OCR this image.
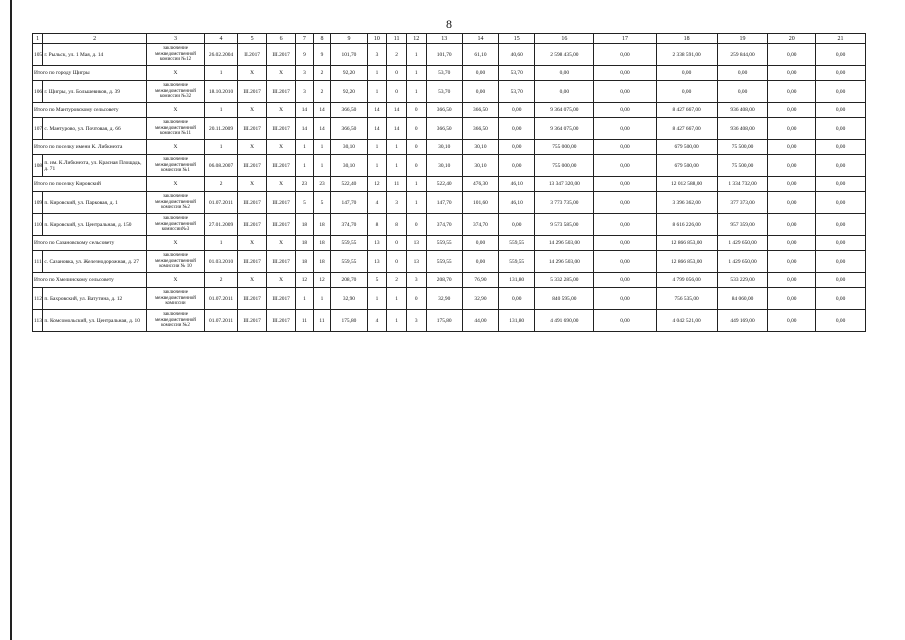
8
1	2	3	4	5	6	7	8	9	10	11	12	13	14	15	16	17	18	19	20	21
105	г. Рыльск, ул. 1 Мая, д. 14	заключение межведомственной комиссии №12	26.02.2004	II.2017	III.2017	9	9	101,70	3	2	1	101,70	61,10	40,60	2 598 435,00	0,00	2 338 591,00	259 844,00	0,00	0,00
Итого по городу Щигры		Х	1	Х	Х	3	2	92,20	1	0	1	53,70	0,00	53,70	0,00	0,00	0,00	0,00	0,00	0,00
106	г. Щигры, ул. Большевиков, д. 39	заключение межведомственной комиссии №32	18.10.2010	III.2017	III.2017	3	2	92,20	1	0	1	53,70	0,00	53,70	0,00	0,00	0,00	0,00	0,00	0,00
Итого по Мантуровскому сельсовету		Х	1	Х	Х	14	14	366,50	14	14	0	366,50	366,50	0,00	9 364 075,00	0,00	8 427 667,00	936 408,00	0,00	0,00
107	с. Мантурово, ул. Почтовая, д. 66	заключение межведомственной комиссии №11	20.11.2009	III.2017	III.2017	14	14	366,50	14	14	0	366,50	366,50	0,00	9 364 075,00	0,00	8 427 667,00	936 408,00	0,00	0,00
Итого по поселку имени К. Либкнехта		Х	1	Х	Х	1	1	30,10	1	1	0	30,10	30,10	0,00	755 000,00	0,00	679 500,00	75 500,00	0,00	0,00
108	п. им. К.Либкнехта, ул. Красная Площадь, д. 71	заключение межведомственной комиссии №1	06.08.2007	III.2017	III.2017	1	1	30,10	1	1	0	30,10	30,10	0,00	755 000,00	0,00	679 500,00	75 500,00	0,00	0,00
Итого по поселку Кировский		Х	2	Х	Х	23	23	522,40	12	11	1	522,40	476,30	46,10	13 347 320,00	0,00	12 012 588,00	1 334 732,00	0,00	0,00
109	п. Кировский, ул. Парковая, д. 1	заключение межведомственной комиссии №2	01.07.2011	III.2017	III.2017	5	5	147,70	4	3	1	147,70	101,60	46,10	3 773 735,00	0,00	3 396 362,00	377 373,00	0,00	0,00
110	п. Кировский, ул. Центральная, д. 150	заключение межведомственной комиссии№3	27.01.2009	III.2017	III.2017	18	18	374,70	8	8	0	374,70	374,70	0,00	9 573 585,00	0,00	8 616 226,00	957 359,00	0,00	0,00
Итого по Сазановскому сельсовету		Х	1	Х	Х	18	18	559,55	13	0	13	559,55	0,00	559,55	14 296 503,00	0,00	12 866 853,00	1 429 650,00	0,00	0,00
111	с. Сазановка, ул. Железнодорожная, д. 27	заключение межведомственной комиссии № 10	01.03.2010	III.2017	III.2017	18	18	559,55	13	0	13	559,55	0,00	559,55	14 296 503,00	0,00	12 866 853,00	1 429 650,00	0,00	0,00
Итого по Хмелинскому сельсовету		Х	2	Х	Х	12	12	208,70	5	2	3	208,70	76,90	131,80	5 332 285,00	0,00	4 799 056,00	533 229,00	0,00	0,00
112	п. Бахровский, ул. Ватутина, д. 12	заключение межведомственной комиссии	01.07.2011	III.2017	III.2017	1	1	32,90	1	1	0	32,90	32,90	0,00	840 595,00	0,00	756 535,00	84 060,00	0,00	0,00
113	п. Комсомольский, ул. Центральная, д. 10	заключение межведомственной комиссии №2	01.07.2011	III.2017	III.2017	11	11	175,80	4	1	3	175,80	44,00	131,80	4 491 690,00	0,00	4 042 521,00	449 169,00	0,00	0,00
